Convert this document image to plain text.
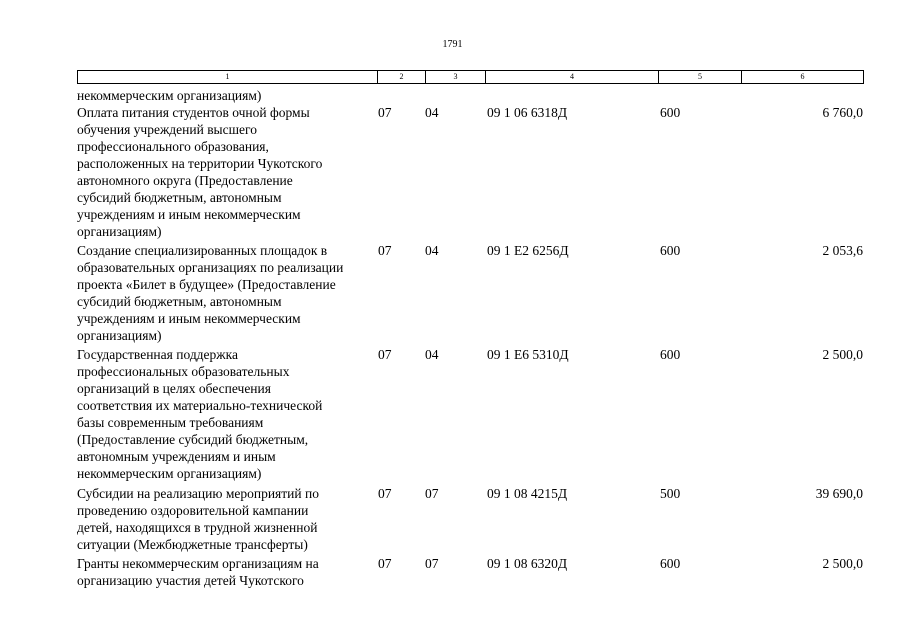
1791
1	2	3	4	5	6
некоммерческим организациям)
Оплата питания студентов очной формы
обучения учреждений высшего
профессионального образования,
расположенных на территории Чукотского
автономного округа (Предоставление
субсидий бюджетным, автономным
учреждениям и иным некоммерческим
организациям)
07 04	09 1 06 6318Д	600	6 760,0
Создание специализированных площадок в
образовательных организациях по реализации
проекта «Билет в будущее» (Предоставление
субсидий бюджетным, автономным
учреждениям и иным некоммерческим
организациям)
07 04	09 1 E2 6256Д	600	2 053,6
Государственная поддержка
профессиональных образовательных
организаций в целях обеспечения
соответствия их материально-технической
базы современным требованиям
(Предоставление субсидий бюджетным,
автономным учреждениям и иным
некоммерческим организациям)
07 04	09 1 E6 5310Д	600	2 500,0
Субсидии на реализацию мероприятий по
проведению оздоровительной кампании
детей, находящихся в трудной жизненной
ситуации (Межбюджетные трансферты)
07 07	09 1 08 4215Д	500	39 690,0
Гранты некоммерческим организациям на
организацию участия детей Чукотского
07 07	09 1 08 6320Д	600	2 500,0
